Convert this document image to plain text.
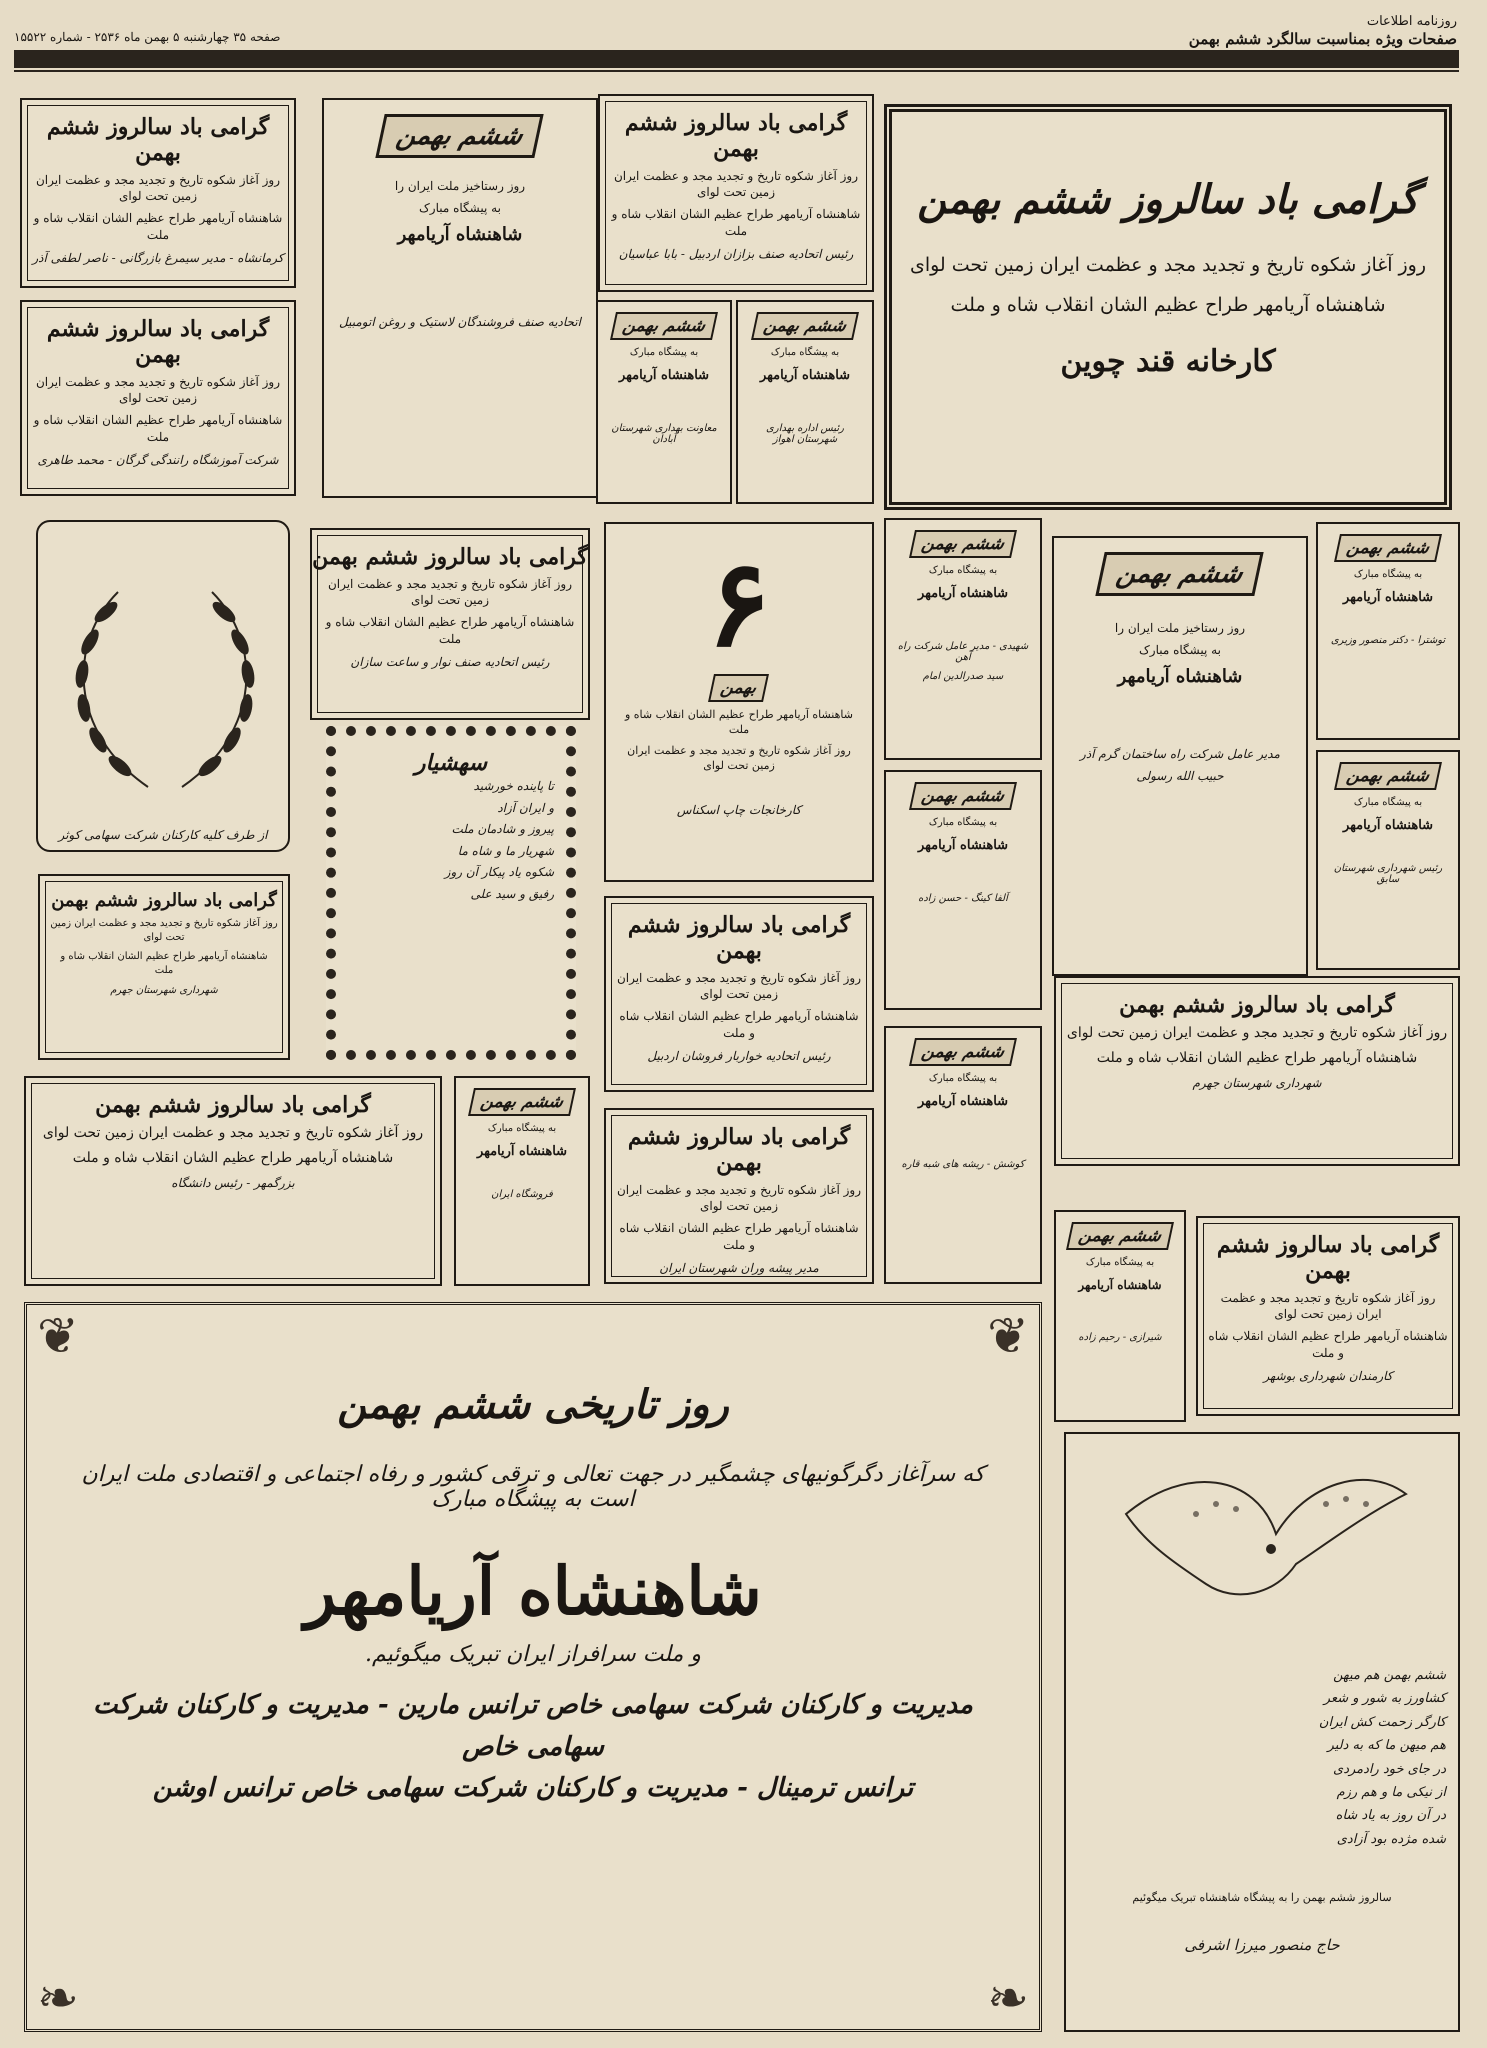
روزنامه اطلاعات
صفحات ویژه بمناسبت سالگرد ششم بهمن
صفحه ۳۵ چهارشنبه ۵ بهمن ماه ۲۵۳۶ - شماره ۱۵۵۲۲
گرامی باد سالروز ششم بهمن
روز آغاز شکوه تاریخ و تجدید مجد و عظمت ایران زمین تحت لوای
شاهنشاه آریامهر طراح عظیم الشان انقلاب شاه و ملت
کرمانشاه - مدیر سیمرغ بازرگانی - ناصر لطفی آذر
ششم بهمن
روز رستاخیز ملت ایران را
به پیشگاه مبارک
شاهنشاه آریامهر
اتحادیه صنف فروشندگان لاستیک و روغن اتومبیل
گرامی باد سالروز ششم بهمن
روز آغاز شکوه تاریخ و تجدید مجد و عظمت ایران زمین تحت لوای
شاهنشاه آریامهر طراح عظیم الشان انقلاب شاه و ملت
رئیس اتحادیه صنف بزازان اردبیل - بابا عباسیان
گرامی باد سالروز ششم بهمن
روز آغاز شکوه تاریخ و تجدید مجد و عظمت ایران زمین تحت لوای
شاهنشاه آریامهر طراح عظیم الشان انقلاب شاه و ملت
کارخانه قند چوین
گرامی باد سالروز ششم بهمن
روز آغاز شکوه تاریخ و تجدید مجد و عظمت ایران زمین تحت لوای
شاهنشاه آریامهر طراح عظیم الشان انقلاب شاه و ملت
شرکت آموزشگاه رانندگی گرگان - محمد طاهری
ششم بهمن
به پیشگاه مبارک
شاهنشاه آریامهر
معاونت بهداری شهرستان آبادان
ششم بهمن
به پیشگاه مبارک
شاهنشاه آریامهر
رئیس اداره بهداری شهرستان اهواز
از طرف کلیه کارکنان شرکت سهامی کوثر
گرامی باد سالروز ششم بهمن
روز آغاز شکوه تاریخ و تجدید مجد و عظمت ایران زمین تحت لوای
شاهنشاه آریامهر طراح عظیم الشان انقلاب شاه و ملت
رئیس اتحادیه صنف نوار و ساعت سازان	۶
بهمن
شاهنشاه آریامهر طراح عظیم الشان انقلاب شاه و ملت
روز آغاز شکوه تاریخ و تجدید مجد و عظمت ایران زمین تحت لوای
کارخانجات چاپ اسکناس
ششم بهمن
به پیشگاه مبارک
شاهنشاه آریامهر
شهیدی - مدیر عامل شرکت راه آهن
سید صدرالدین امام
ششم بهمن
روز رستاخیز ملت ایران را
به پیشگاه مبارک
شاهنشاه آریامهر
مدیر عامل شرکت راه ساختمان گرم آذر
حبیب الله رسولی
ششم بهمن
به پیشگاه مبارک
شاهنشاه آریامهر
توشترا - دکتر منصور وزیری
گرامی باد سالروز ششم بهمن
روز آغاز شکوه تاریخ و تجدید مجد و عظمت ایران زمین تحت لوای
شاهنشاه آریامهر طراح عظیم الشان انقلاب شاه و ملت
شهرداری شهرستان جهرم
سهشیار
تا پاینده خورشید
و ایران آزاد
پیروز و شادمان ملت
شهریار ما و شاه ما
شکوه یاد پیکار آن روز
رفیق و سید علی
گرامی باد سالروز ششم بهمن
روز آغاز شکوه تاریخ و تجدید مجد و عظمت ایران زمین تحت لوای
شاهنشاه آریامهر طراح عظیم الشان انقلاب شاه و ملت
رئیس اتحادیه خواربار فروشان اردبیل
ششم بهمن
به پیشگاه مبارک
شاهنشاه آریامهر
آلفا کینگ - حسن زاده
ششم بهمن
به پیشگاه مبارک
شاهنشاه آریامهر
رئیس شهرداری شهرستان سابق
گرامی باد سالروز ششم بهمن
روز آغاز شکوه تاریخ و تجدید مجد و عظمت ایران زمین تحت لوای
شاهنشاه آریامهر طراح عظیم الشان انقلاب شاه و ملت
بزرگمهر - رئیس دانشگاه
ششم بهمن
به پیشگاه مبارک
شاهنشاه آریامهر
فروشگاه ایران
گرامی باد سالروز ششم بهمن
روز آغاز شکوه تاریخ و تجدید مجد و عظمت ایران زمین تحت لوای
شاهنشاه آریامهر طراح عظیم الشان انقلاب شاه و ملت
مدیر پیشه وران شهرستان ایران
ششم بهمن
به پیشگاه مبارک
شاهنشاه آریامهر
کوشش - ریشه های شبه قاره
گرامی باد سالروز ششم بهمن
روز آغاز شکوه تاریخ و تجدید مجد و عظمت ایران زمین تحت لوای
شاهنشاه آریامهر طراح عظیم الشان انقلاب شاه و ملت
شهرداری شهرستان جهرم
ششم بهمن
به پیشگاه مبارک
شاهنشاه آریامهر
شیرازی - رحیم زاده
گرامی باد سالروز ششم بهمن
روز آغاز شکوه تاریخ و تجدید مجد و عظمت ایران زمین تحت لوای
شاهنشاه آریامهر طراح عظیم الشان انقلاب شاه و ملت
کارمندان شهرداری بوشهر
❦	❦
❧	❧
روز تاریخی ششم بهمن
که سرآغاز دگرگونیهای چشمگیر در جهت تعالی و ترقی کشور و رفاه اجتماعی و اقتصادی ملت ایران است به پیشگاه مبارک
شاهنشاه آریامهر
و ملت سرافراز ایران تبریک میگوئیم.
مدیریت و کارکنان شرکت سهامی خاص ترانس مارین - مدیریت و کارکنان شرکت سهامی خاص
ترانس ترمینال - مدیریت و کارکنان شرکت سهامی خاص ترانس اوشن
ششم بهمن هم میهن
کشاورز به شور و شعر
کارگر زحمت کش ایران
هم میهن ما که به دلیر
در جای خود رادمردی
از نیکی ما و هم رزم
در آن روز به یاد شاه
شده مژده بود آزادی
سالروز ششم بهمن را به پیشگاه شاهنشاه تبریک میگوئیم
حاج منصور میرزا اشرفی
